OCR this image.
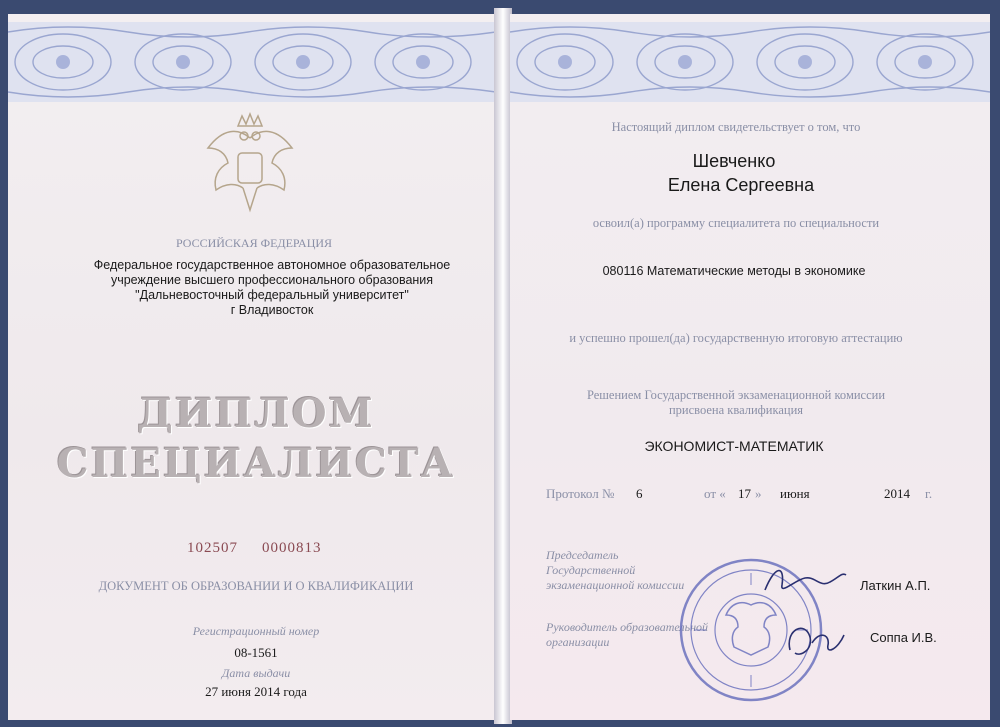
РОССИЙСКАЯ ФЕДЕРАЦИЯ
Федеральное государственное автономное образовательное
учреждение высшего профессионального образования
"Дальневосточный федеральный университет"
г Владивосток
ДИПЛОМ
СПЕЦИАЛИСТА
102507 0000813
ДОКУМЕНТ ОБ ОБРАЗОВАНИИ И О КВАЛИФИКАЦИИ
Регистрационный номер
08-1561
Дата выдачи
27 июня 2014 года
Настоящий диплом свидетельствует о том, что
Шевченко
Елена Сергеевна
освоил(а) программу специалитета по специальности
080116 Математические методы в экономике
и успешно прошел(да) государственную итоговую аттестацию
Решением Государственной экзаменационной комиссии
присвоена квалификация
ЭКОНОМИСТ-МАТЕМАТИК
Протокол № 6	от « 17 » июня	2014 г.
Председатель
Государственной
экзаменационной комиссии	Латкин А.П.
Руководитель образовательной
организации	Соппа И.В.
